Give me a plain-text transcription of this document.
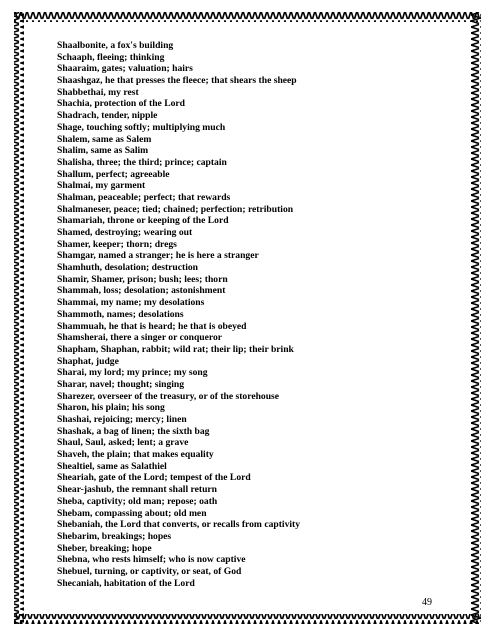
Shaalbonite, a fox's building
Schaaph, fleeing; thinking
Shaaraim, gates; valuation; hairs
Shaashgaz, he that presses the fleece; that shears the sheep
Shabbethai, my rest
Shachia, protection of the Lord
Shadrach, tender, nipple
Shage, touching softly; multiplying much
Shalem, same as Salem
Shalim, same as Salim
Shalisha, three; the third; prince; captain
Shallum, perfect; agreeable
Shalmai, my garment
Shalman, peaceable; perfect; that rewards
Shalmaneser, peace; tied; chained; perfection; retribution
Shamariah, throne or keeping of the Lord
Shamed, destroying; wearing out
Shamer, keeper; thorn; dregs
Shamgar, named a stranger; he is here a stranger
Shamhuth, desolation; destruction
Shamir, Shamer, prison; bush; lees; thorn
Shammah, loss; desolation; astonishment
Shammai, my name; my desolations
Shammoth, names; desolations
Shammuah, he that is heard; he that is obeyed
Shamsherai, there a singer or conqueror
Shapham, Shaphan, rabbit; wild rat; their lip; their brink
Shaphat, judge
Sharai, my lord; my prince; my song
Sharar, navel; thought; singing
Sharezer, overseer of the treasury, or of the storehouse
Sharon, his plain; his song
Shashai, rejoicing; mercy; linen
Shashak, a bag of linen; the sixth bag
Shaul, Saul, asked; lent; a grave
Shaveh, the plain; that makes equality
Shealtiel, same as Salathiel
Sheariah, gate of the Lord; tempest of the Lord
Shear-jashub, the remnant shall return
Sheba, captivity; old man; repose; oath
Shebam, compassing about; old men
Shebaniah, the Lord that converts, or recalls from captivity
Shebarim, breakings; hopes
Sheber, breaking; hope
Shebna, who rests himself; who is now captive
Shebuel, turning, or captivity, or seat, of God
Shecaniah, habitation of the Lord
49
